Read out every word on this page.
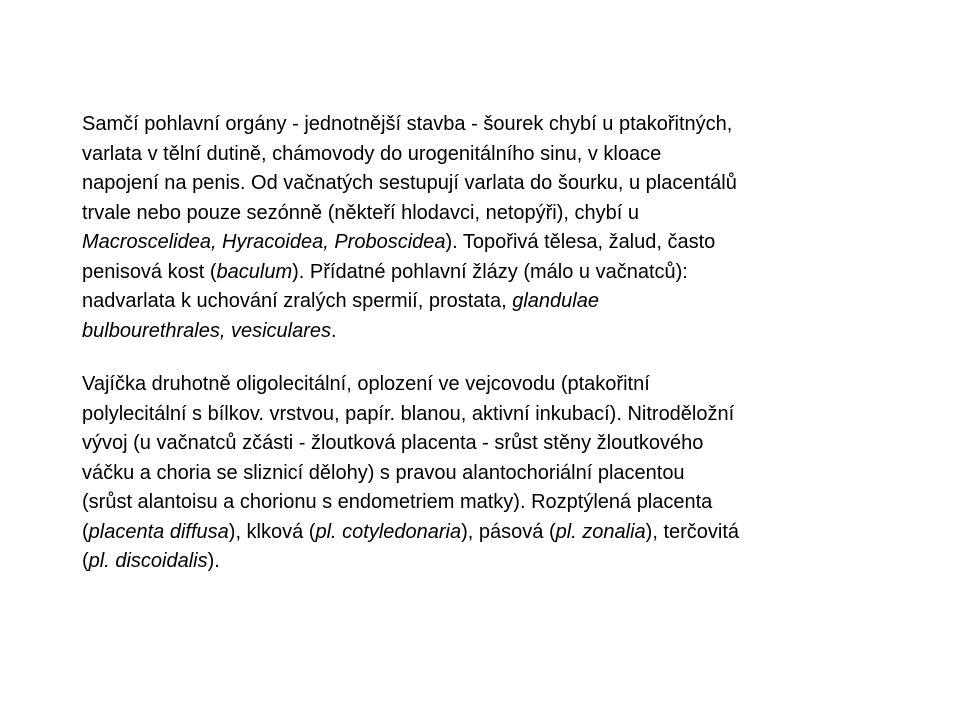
Samčí pohlavní orgány - jednotnější stavba - šourek chybí u ptakořitných,
varlata v tělní dutině, chámovody do urogenitálního sinu, v kloace
napojení na penis. Od vačnatých sestupují varlata do šourku, u placentálů
trvale nebo pouze sezónně (někteří hlodavci, netopýři), chybí u
Macroscelidea, Hyracoidea, Proboscidea). Topořivá tělesa, žalud, často
penisová kost (baculum). Přídatné pohlavní žlázy (málo u vačnatců):
nadvarlata k uchování zralých spermií, prostata, glandulae
bulbourethrales, vesiculares.
Vajíčka druhotně oligolecitální, oplození ve vejcovodu (ptakořitní
polylecitální s bílkov. vrstvou, papír. blanou, aktivní inkubací). Nitroděložní
vývoj (u vačnatců zčásti - žloutková placenta - srůst stěny žloutkového
váčku a choria se sliznicí dělohy) s pravou alantochoriální placentou
(srůst alantoisu a chorionu s endometriem matky). Rozptýlená placenta
(placenta diffusa), klková (pl. cotyledonaria), pásová (pl. zonalia), terčovitá
(pl. discoidalis).
